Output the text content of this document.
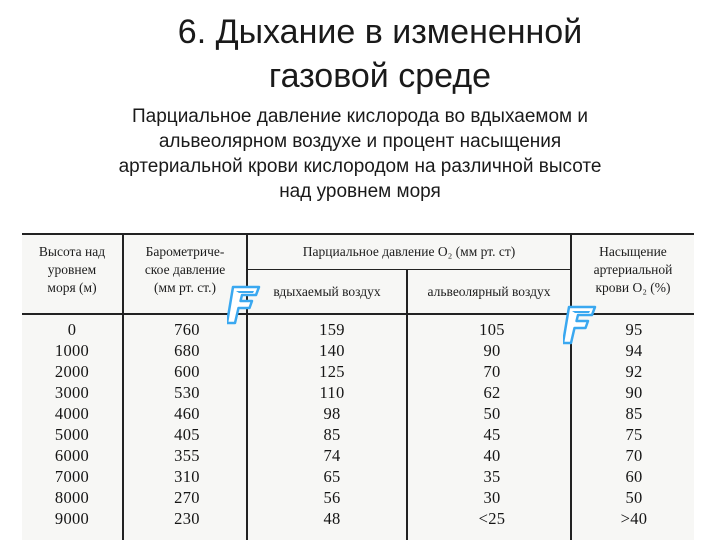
6. Дыхание в измененной
газовой среде
Парциальное давление кислорода во вдыхаемом и
альвеолярном воздухе и процент насыщения
артериальной крови кислородом на различной высоте
над уровнем моря
Высота над
уровнем
моря (м)
Барометриче-
ское давление
(мм рт. ст.)
Парциальное давление O₂ (мм рт. ст)
вдыхаемый воздух	альвеолярный воздух
Насыщение
артериальной
крови O₂ (%)
0
1000
2000
3000
4000
5000
6000
7000
8000
9000
760
680
600
530
460
405
355
310
270
230
159
140
125
110
98
85
74
65
56
48
105
90
70
62
50
45
40
35
30
<25
95
94
92
90
85
75
70
60
50
>40
